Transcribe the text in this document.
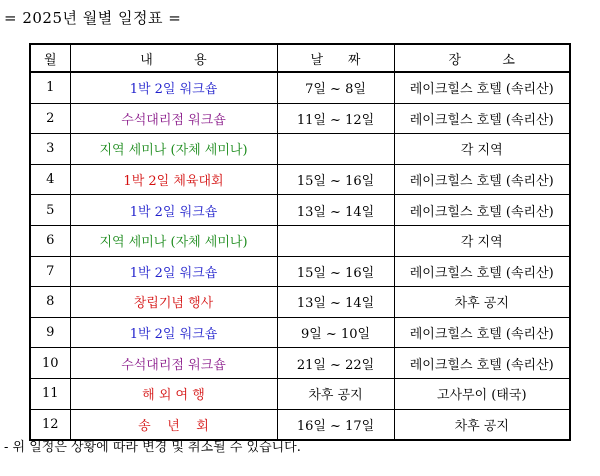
= 2025년 월별 일정표 =
월	내          용	날      짜	장          소
1	1박 2일 워크숍	7일 ~ 8일	레이크힐스 호텔 (속리산)
2	수석대리점 워크숍	11일 ~ 12일	레이크힐스 호텔 (속리산)
3	지역 세미나 (자체 세미나)		각 지역
4	1박 2일 체육대회	15일 ~ 16일	레이크힐스 호텔 (속리산)
5	1박 2일 워크숍	13일 ~ 14일	레이크힐스 호텔 (속리산)
6	지역 세미나 (자체 세미나)		각 지역
7	1박 2일 워크숍	15일 ~ 16일	레이크힐스 호텔 (속리산)
8	창립기념 행사	13일 ~ 14일	차후 공지
9	1박 2일 워크숍	9일 ~ 10일	레이크힐스 호텔 (속리산)
10	수석대리점 워크숍	21일 ~ 22일	레이크힐스 호텔 (속리산)
11	해 외 여 행	차후 공지	고사무이 (태국)
12	송    년    회	16일 ~ 17일	차후 공지
- 위 일정은 상황에 따라 변경 및 취소될 수 있습니다.
